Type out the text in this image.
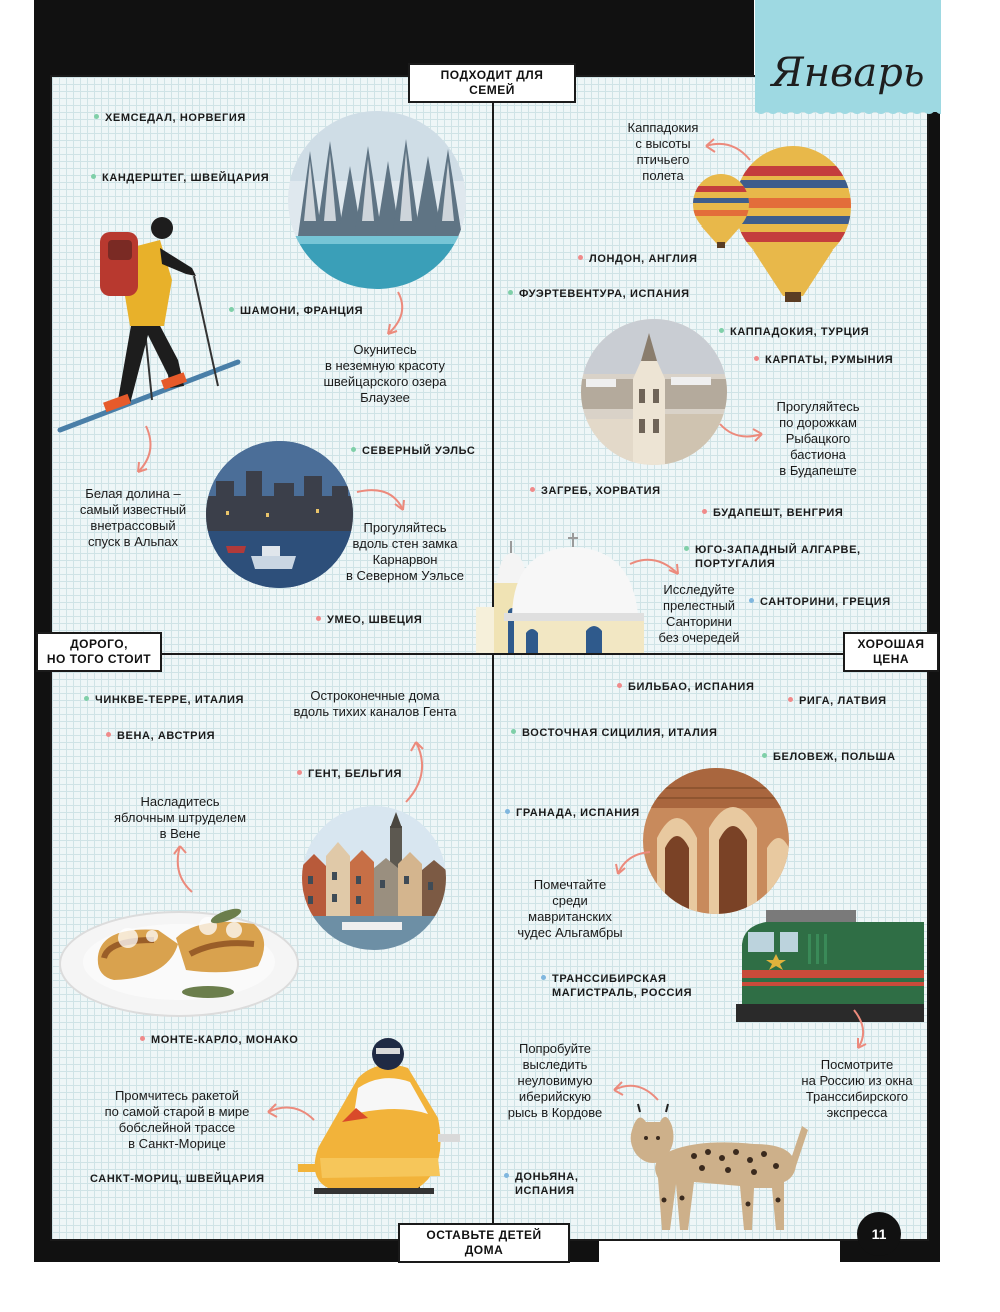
Январь
ПОДХОДИТ ДЛЯ СЕМЕЙ
ОСТАВЬТЕ ДЕТЕЙ ДОМА
ДОРОГО,
НО ТОГО СТОИТ
ХОРОШАЯ
ЦЕНА
ХЕМСЕДАЛ, НОРВЕГИЯ
КАНДЕРШТЕГ, ШВЕЙЦАРИЯ
ШАМОНИ, ФРАНЦИЯ
СЕВЕРНЫЙ УЭЛЬС
УМЕО, ШВЕЦИЯ
Окунитесь
в неземную красоту
швейцарского озера
Блаузее
Белая долина –
самый известный
внетрассовый
спуск в Альпах
Прогуляйтесь
вдоль стен замка
Карнарвон
в Северном Уэльсе
Каппадокия
с высоты
птичьего
полета
ЛОНДОН, АНГЛИЯ
ФУЭРТЕВЕНТУРА, ИСПАНИЯ
КАППАДОКИЯ, ТУРЦИЯ
КАРПАТЫ, РУМЫНИЯ
ЗАГРЕБ, ХОРВАТИЯ
БУДАПЕШТ, ВЕНГРИЯ
ЮГО-ЗАПАДНЫЙ АЛГАРВЕ,
ПОРТУГАЛИЯ
САНТОРИНИ, ГРЕЦИЯ
Прогуляйтесь
по дорожкам
Рыбацкого
бастиона
в Будапеште
Исследуйте
прелестный
Санторини
без очередей
ЧИНКВЕ-ТЕРРЕ, ИТАЛИЯ
ВЕНА, АВСТРИЯ
ГЕНТ, БЕЛЬГИЯ
МОНТЕ-КАРЛО, МОНАКО
САНКТ-МОРИЦ, ШВЕЙЦАРИЯ
Остроконечные дома
вдоль тихих каналов Гента
Насладитесь
яблочным штруделем
в Вене
Промчитесь ракетой
по самой старой в мире
бобслейной трассе
в Санкт-Морице
БИЛЬБАО, ИСПАНИЯ
РИГА, ЛАТВИЯ
ВОСТОЧНАЯ СИЦИЛИЯ, ИТАЛИЯ
БЕЛОВЕЖ, ПОЛЬША
ГРАНАДА, ИСПАНИЯ
ТРАНССИБИРСКАЯ
МАГИСТРАЛЬ, РОССИЯ
ДОНЬЯНА,
ИСПАНИЯ
Помечтайте
среди
мавританских
чудес Альгамбры
Посмотрите
на Россию из окна
Транссибирского
экспресса
Попробуйте
выследить
неуловимую
иберийскую
рысь в Кордове
11
